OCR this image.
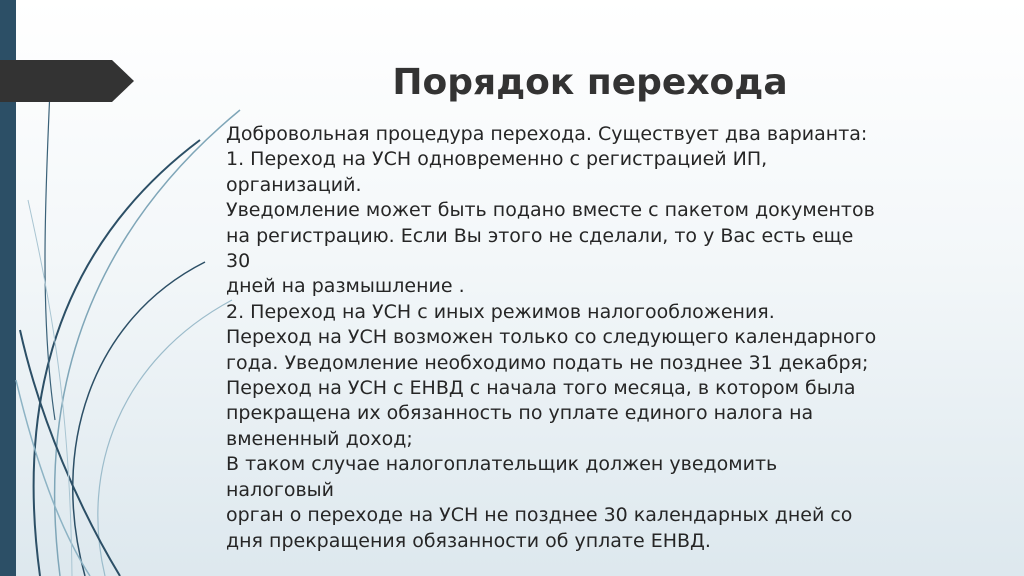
Порядок перехода
Добровольная процедура перехода. Существует два варианта:
1. Переход на УСН одновременно с регистрацией ИП,
организаций.
Уведомление может быть подано вместе с пакетом документов
на регистрацию. Если Вы этого не сделали, то у Вас есть еще
30
дней на размышление .
2. Переход на УСН с иных режимов налогообложения.
Переход на УСН возможен только со следующего календарного
года. Уведомление необходимо подать не позднее 31 декабря;
Переход на УСН с ЕНВД с начала того месяца, в котором была
прекращена их обязанность по уплате единого налога на
вмененный доход;
В таком случае налогоплательщик должен уведомить
налоговый
орган о переходе на УСН не позднее 30 календарных дней со
дня прекращения обязанности об уплате ЕНВД.
